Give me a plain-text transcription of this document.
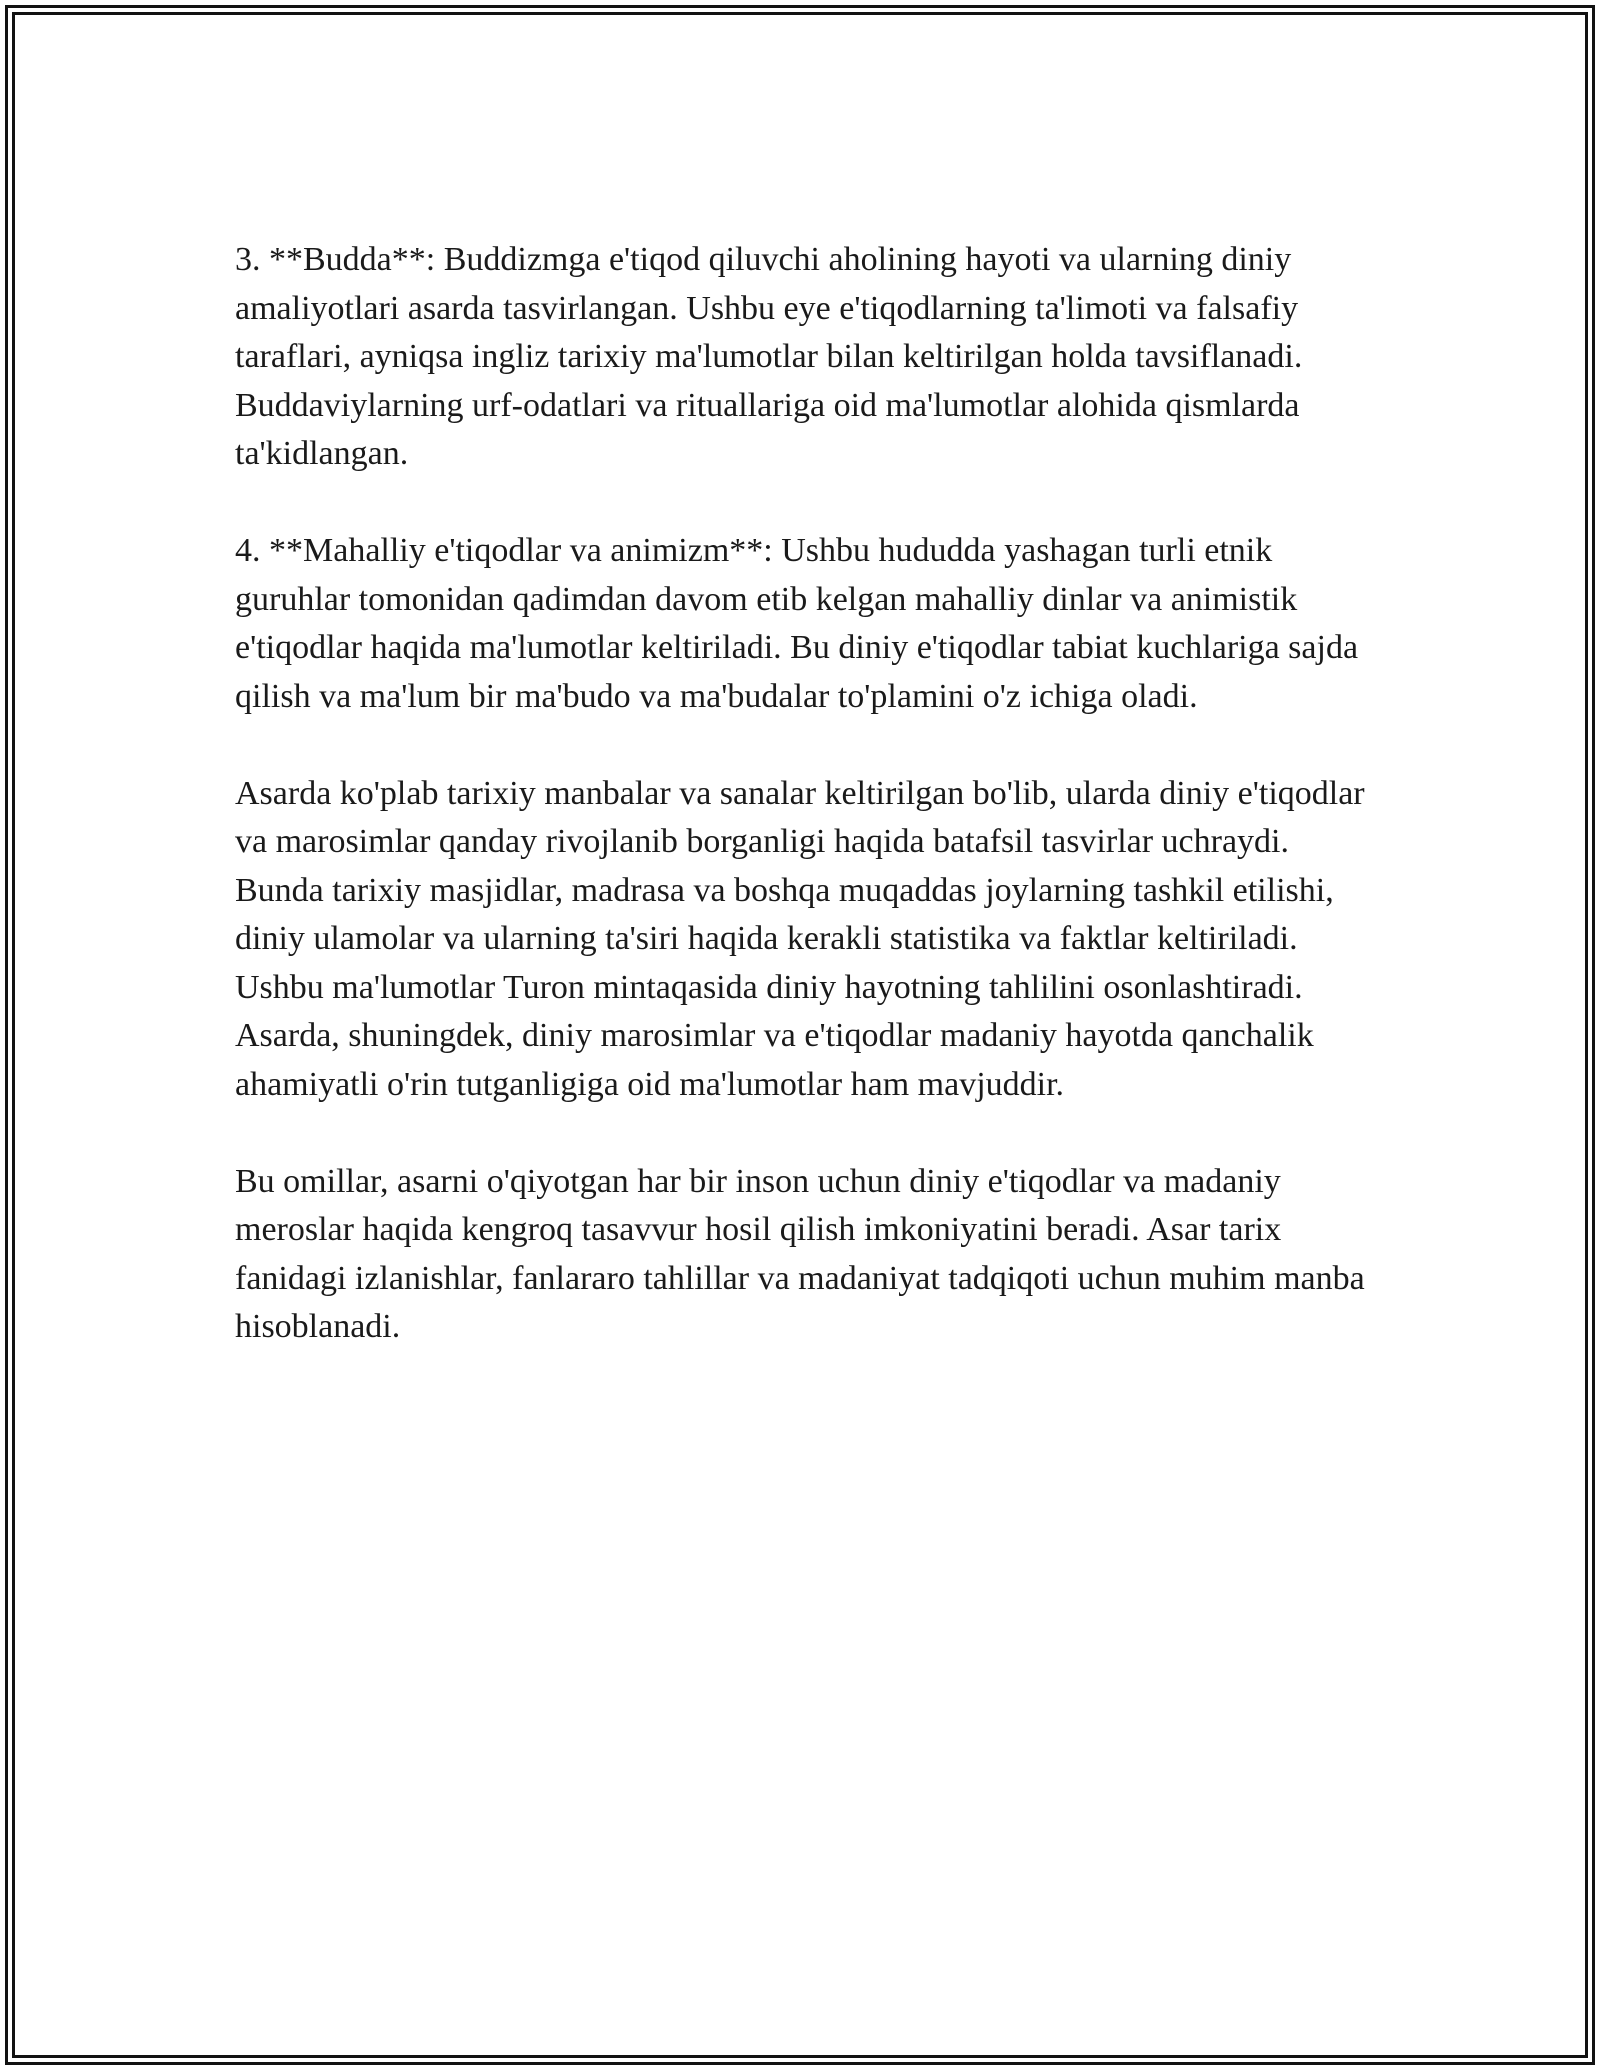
3. **Budda**: Buddizmga e'tiqod qiluvchi aholining hayoti va ularning diniy amaliyotlari asarda tasvirlangan. Ushbu eye e'tiqodlarning ta'limoti va falsafiy taraflari, ayniqsa ingliz tarixiy ma'lumotlar bilan keltirilgan holda tavsiflanadi. Buddaviylarning urf-odatlari va rituallariga oid ma'lumotlar alohida qismlarda ta'kidlangan.

4. **Mahalliy e'tiqodlar va animizm**: Ushbu hududda yashagan turli etnik guruhlar tomonidan qadimdan davom etib kelgan mahalliy dinlar va animistik e'tiqodlar haqida ma'lumotlar keltiriladi. Bu diniy e'tiqodlar tabiat kuchlariga sajda qilish va ma'lum bir ma'budo va ma'budalar to'plamini o'z ichiga oladi.

Asarda ko'plab tarixiy manbalar va sanalar keltirilgan bo'lib, ularda diniy e'tiqodlar va marosimlar qanday rivojlanib borganligi haqida batafsil tasvirlar uchraydi. Bunda tarixiy masjidlar, madrasa va boshqa muqaddas joylarning tashkil etilishi, diniy ulamolar va ularning ta'siri haqida kerakli statistika va faktlar keltiriladi. Ushbu ma'lumotlar Turon mintaqasida diniy hayotning tahlilini osonlashtiradi. Asarda, shuningdek, diniy marosimlar va e'tiqodlar madaniy hayotda qanchalik ahamiyatli o'rin tutganligiga oid ma'lumotlar ham mavjuddir.

Bu omillar, asarni o'qiyotgan har bir inson uchun diniy e'tiqodlar va madaniy meroslar haqida kengroq tasavvur hosil qilish imkoniyatini beradi. Asar tarix fanidagi izlanishlar, fanlararo tahlillar va madaniyat tadqiqoti uchun muhim manba hisoblanadi.
